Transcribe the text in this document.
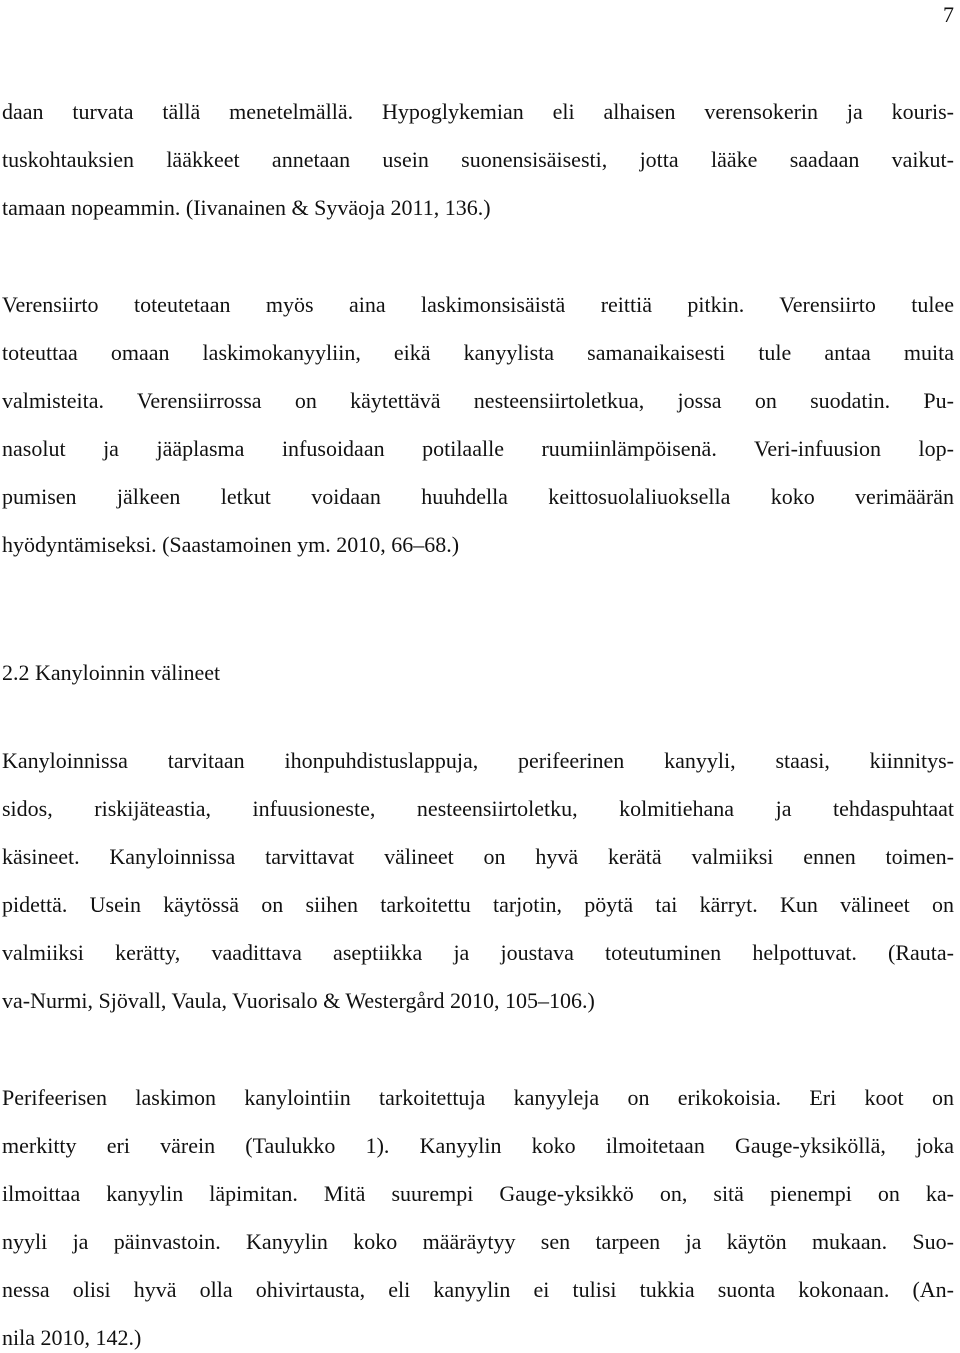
7
daan turvata tällä menetelmällä. Hypoglykemian eli alhaisen verensokerin ja kouris-
tuskohtauksien lääkkeet annetaan usein suonensisäisesti, jotta lääke saadaan vaikut-
tamaan nopeammin. (Iivanainen & Syväoja 2011, 136.)
Verensiirto toteutetaan myös aina laskimonsisäistä reittiä pitkin. Verensiirto tulee
toteuttaa omaan laskimokanyyliin, eikä kanyylista samanaikaisesti tule antaa muita
valmisteita. Verensiirrossa on käytettävä nesteensiirtoletkua, jossa on suodatin. Pu-
nasolut ja jääplasma infusoidaan potilaalle ruumiinlämpöisenä. Veri-infuusion lop-
pumisen jälkeen letkut voidaan huuhdella keittosuolaliuoksella koko verimäärän
hyödyntämiseksi. (Saastamoinen ym. 2010, 66–68.)
2.2 Kanyloinnin välineet
Kanyloinnissa tarvitaan ihonpuhdistuslappuja, perifeerinen kanyyli, staasi, kiinnitys-
sidos, riskijäteastia, infuusioneste, nesteensiirtoletku, kolmitiehana ja tehdaspuhtaat
käsineet. Kanyloinnissa tarvittavat välineet on hyvä kerätä valmiiksi ennen toimen-
pidettä. Usein käytössä on siihen tarkoitettu tarjotin, pöytä tai kärryt. Kun välineet on
valmiiksi kerätty, vaadittava aseptiikka ja joustava toteutuminen helpottuvat. (Rauta-
va-Nurmi, Sjövall, Vaula, Vuorisalo & Westergård 2010, 105–106.)
Perifeerisen laskimon kanylointiin tarkoitettuja kanyyleja on erikokoisia. Eri koot on
merkitty eri värein (Taulukko 1). Kanyylin koko ilmoitetaan Gauge-yksiköllä, joka
ilmoittaa kanyylin läpimitan. Mitä suurempi Gauge-yksikkö on, sitä pienempi on ka-
nyyli ja päinvastoin. Kanyylin koko määräytyy sen tarpeen ja käytön mukaan. Suo-
nessa olisi hyvä olla ohivirtausta, eli kanyylin ei tulisi tukkia suonta kokonaan. (An-
nila 2010, 142.)
